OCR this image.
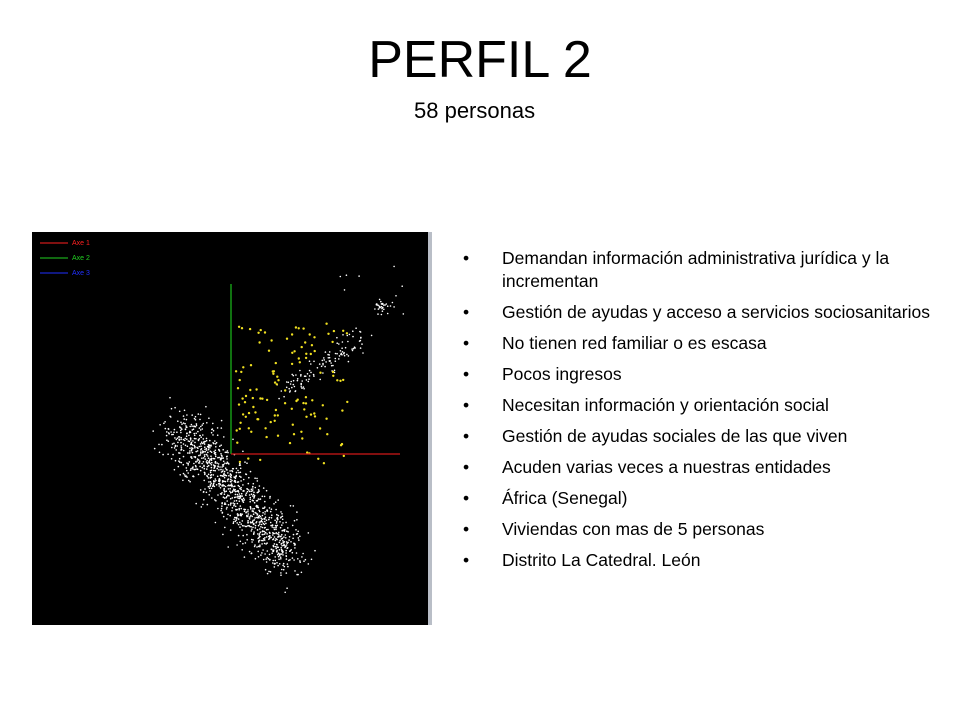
PERFIL 2
58 personas
Axe 1
Axe 2
Axe 3
• Demandan información administrativa jurídica y la incrementan
• Gestión de ayudas y acceso a servicios sociosanitarios
• No tienen red familiar o es escasa
• Pocos ingresos
• Necesitan información y orientación social
• Gestión de ayudas sociales de las que viven
• Acuden varias veces a nuestras entidades
• África (Senegal)
• Viviendas con mas de 5 personas
• Distrito La Catedral. León
